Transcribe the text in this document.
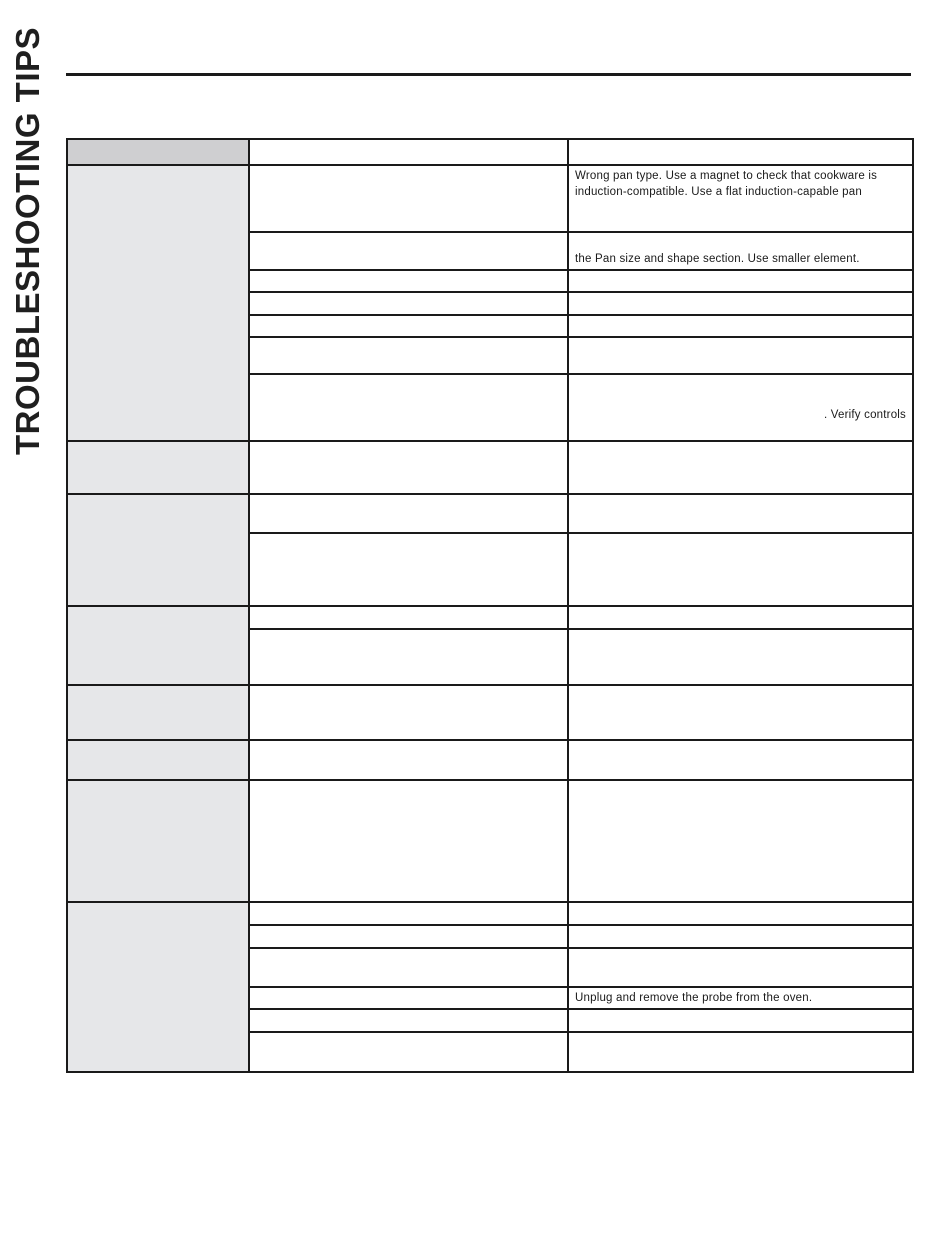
TROUBLESHOOTING TIPS

		Wrong pan type. Use a magnet to check that cookware is induction-compatible. Use a flat induction-capable pan

		the Pan size and shape section. Use smaller element.

		. Verify controls

		Unplug and remove the probe from the oven.
